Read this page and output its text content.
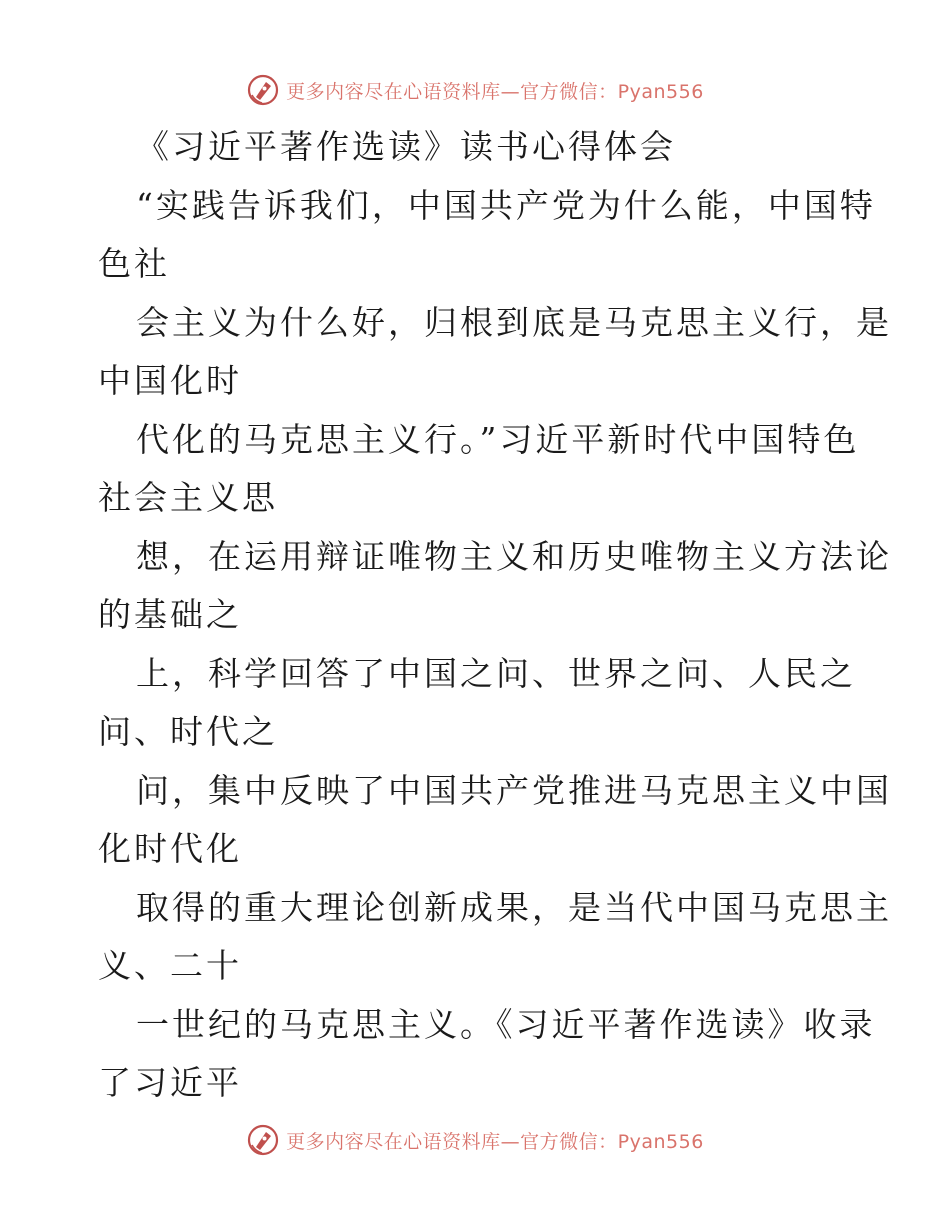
更多内容尽在心语资料库—官方微信：Pyan556
《习近平著作选读》读书心得体会
“实践告诉我们，中国共产党为什么能，中国特
色社
会主义为什么好，归根到底是马克思主义行，是
中国化时
代化的马克思主义行。”习近平新时代中国特色
社会主义思
想，在运用辩证唯物主义和历史唯物主义方法论
的基础之
上，科学回答了中国之问、世界之问、人民之
问、时代之
问，集中反映了中国共产党推进马克思主义中国
化时代化
取得的重大理论创新成果，是当代中国马克思主
义、二十
一世纪的马克思主义。《习近平著作选读》收录
了习近平
更多内容尽在心语资料库—官方微信：Pyan556
